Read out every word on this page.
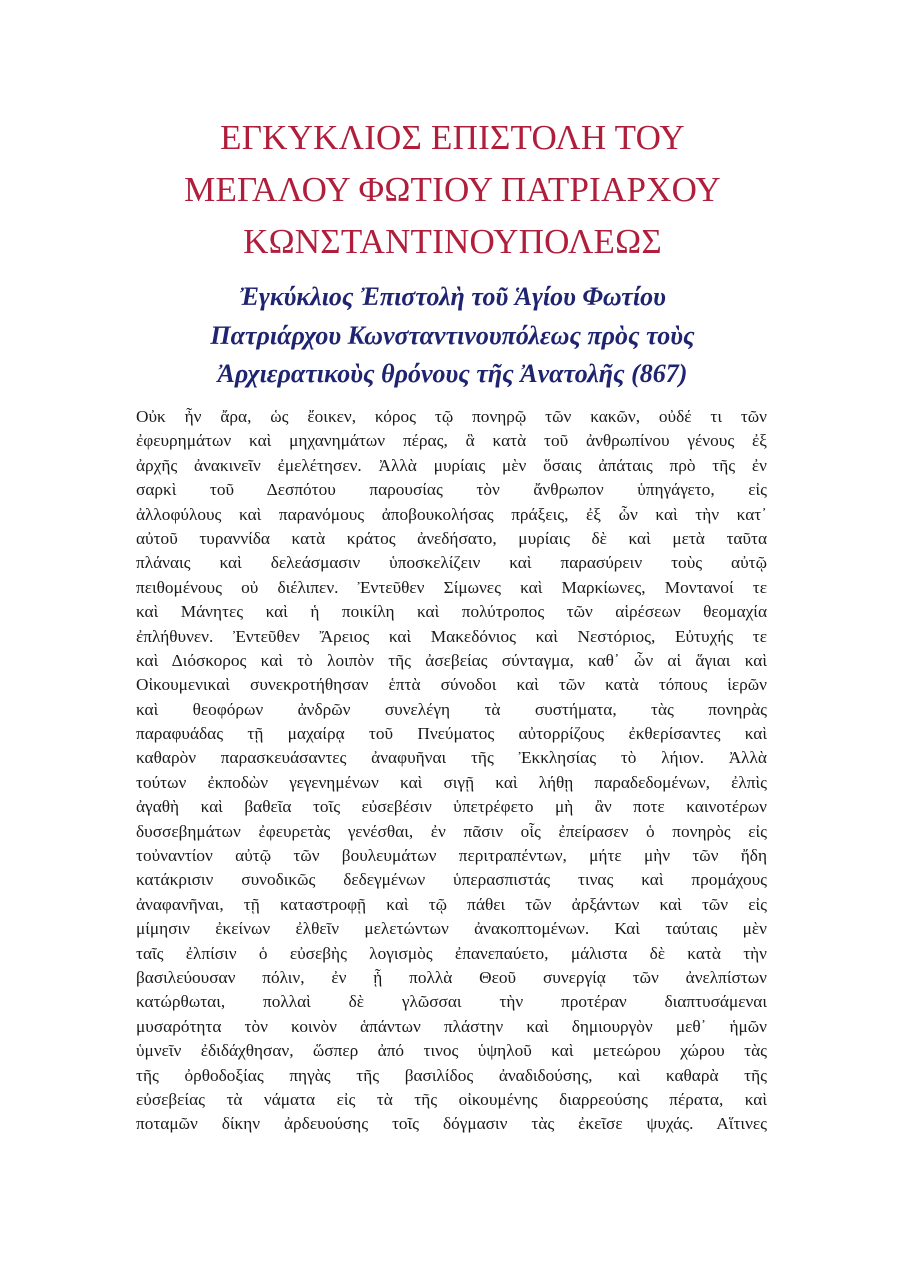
ΕΓΚΥΚΛΙΟΣ ΕΠΙΣΤΟΛΗ ΤΟΥ
ΜΕΓΑΛΟΥ ΦΩΤΙΟΥ ΠΑΤΡΙΑΡΧΟΥ
ΚΩΝΣΤΑΝΤΙΝΟΥΠΟΛΕΩΣ
Ἐγκύκλιος Ἐπιστολὴ τοῦ Ἁγίου Φωτίου
Πατριάρχου Κωνσταντινουπόλεως πρὸς τοὺς
Ἀρχιερατικοὺς θρόνους τῆς Ἀνατολῆς (867)
Οὐκ ἦν ἄρα, ὡς ἔοικεν, κόρος τῷ πονηρῷ τῶν κακῶν, οὐδέ τι τῶν
ἐφευρημάτων καὶ μηχανημάτων πέρας, ἃ κατὰ τοῦ ἀνθρωπίνου γένους ἐξ
ἀρχῆς ἀνακινεῖν ἐμελέτησεν. Ἀλλὰ μυρίαις μὲν ὅσαις ἀπάταις πρὸ τῆς ἐν
σαρκὶ τοῦ Δεσπότου παρουσίας τὸν ἄνθρωπον ὑπηγάγετο, εἰς
ἀλλοφύλους καὶ παρανόμους ἀποβουκολήσας πράξεις, ἐξ ὧν καὶ τὴν κατ᾿
αὐτοῦ τυραννίδα κατὰ κράτος ἀνεδήσατο, μυρίαις δὲ καὶ μετὰ ταῦτα
πλάναις καὶ δελεάσμασιν ὑποσκελίζειν καὶ παρασύρειν τοὺς αὐτῷ
πειθομένους οὐ διέλιπεν. Ἐντεῦθεν Σίμωνες καὶ Μαρκίωνες, Μοντανοί τε
καὶ Μάνητες καὶ ἡ ποικίλη καὶ πολύτροπος τῶν αἱρέσεων θεομαχία
ἐπλήθυνεν. Ἐντεῦθεν Ἄρειος καὶ Μακεδόνιος καὶ Νεστόριος, Εὐτυχής τε
καὶ Διόσκορος καὶ τὸ λοιπὸν τῆς ἀσεβείας σύνταγμα, καθ᾿ ὧν αἱ ἅγιαι καὶ
Οἰκουμενικαὶ συνεκροτήθησαν ἑπτὰ σύνοδοι καὶ τῶν κατὰ τόπους ἱερῶν
καὶ θεοφόρων ἀνδρῶν συνελέγη τὰ συστήματα, τὰς πονηρὰς
παραφυάδας τῇ μαχαίρᾳ τοῦ Πνεύματος αὐτορρίζους ἐκθερίσαντες καὶ
καθαρὸν παρασκευάσαντες ἀναφυῆναι τῆς Ἐκκλησίας τὸ λήιον. Ἀλλὰ
τούτων ἐκποδὼν γεγενημένων καὶ σιγῇ καὶ λήθῃ παραδεδομένων, ἐλπὶς
ἀγαθὴ καὶ βαθεῖα τοῖς εὐσεβέσιν ὑπετρέφετο μὴ ἂν ποτε καινοτέρων
δυσσεβημάτων ἐφευρετὰς γενέσθαι, ἐν πᾶσιν οἷς ἐπείρασεν ὁ πονηρὸς εἰς
τοὐναντίον αὐτῷ τῶν βουλευμάτων περιτραπέντων, μήτε μὴν τῶν ἤδη
κατάκρισιν συνοδικῶς δεδεγμένων ὑπερασπιστάς τινας καὶ προμάχους
ἀναφανῆναι, τῇ καταστροφῇ καὶ τῷ πάθει τῶν ἀρξάντων καὶ τῶν εἰς
μίμησιν ἐκείνων ἐλθεῖν μελετώντων ἀνακοπτομένων. Καὶ ταύταις μὲν
ταῖς ἐλπίσιν ὁ εὐσεβὴς λογισμὸς ἐπανεπαύετο, μάλιστα δὲ κατὰ τὴν
βασιλεύουσαν πόλιν, ἐν ᾗ πολλὰ Θεοῦ συνεργίᾳ τῶν ἀνελπίστων
κατώρθωται, πολλαὶ δὲ γλῶσσαι τὴν προτέραν διαπτυσάμεναι
μυσαρότητα τὸν κοινὸν ἁπάντων πλάστην καὶ δημιουργὸν μεθ᾿ ἡμῶν
ὑμνεῖν ἐδιδάχθησαν, ὥσπερ ἀπό τινος ὑψηλοῦ καὶ μετεώρου χώρου τὰς
τῆς ὀρθοδοξίας πηγὰς τῆς βασιλίδος ἀναδιδούσης, καὶ καθαρὰ τῆς
εὐσεβείας τὰ νάματα εἰς τὰ τῆς οἰκουμένης διαρρεούσης πέρατα, καὶ
ποταμῶν δίκην ἀρδευούσης τοῖς δόγμασιν τὰς ἐκεῖσε ψυχάς. Αἵτινες
